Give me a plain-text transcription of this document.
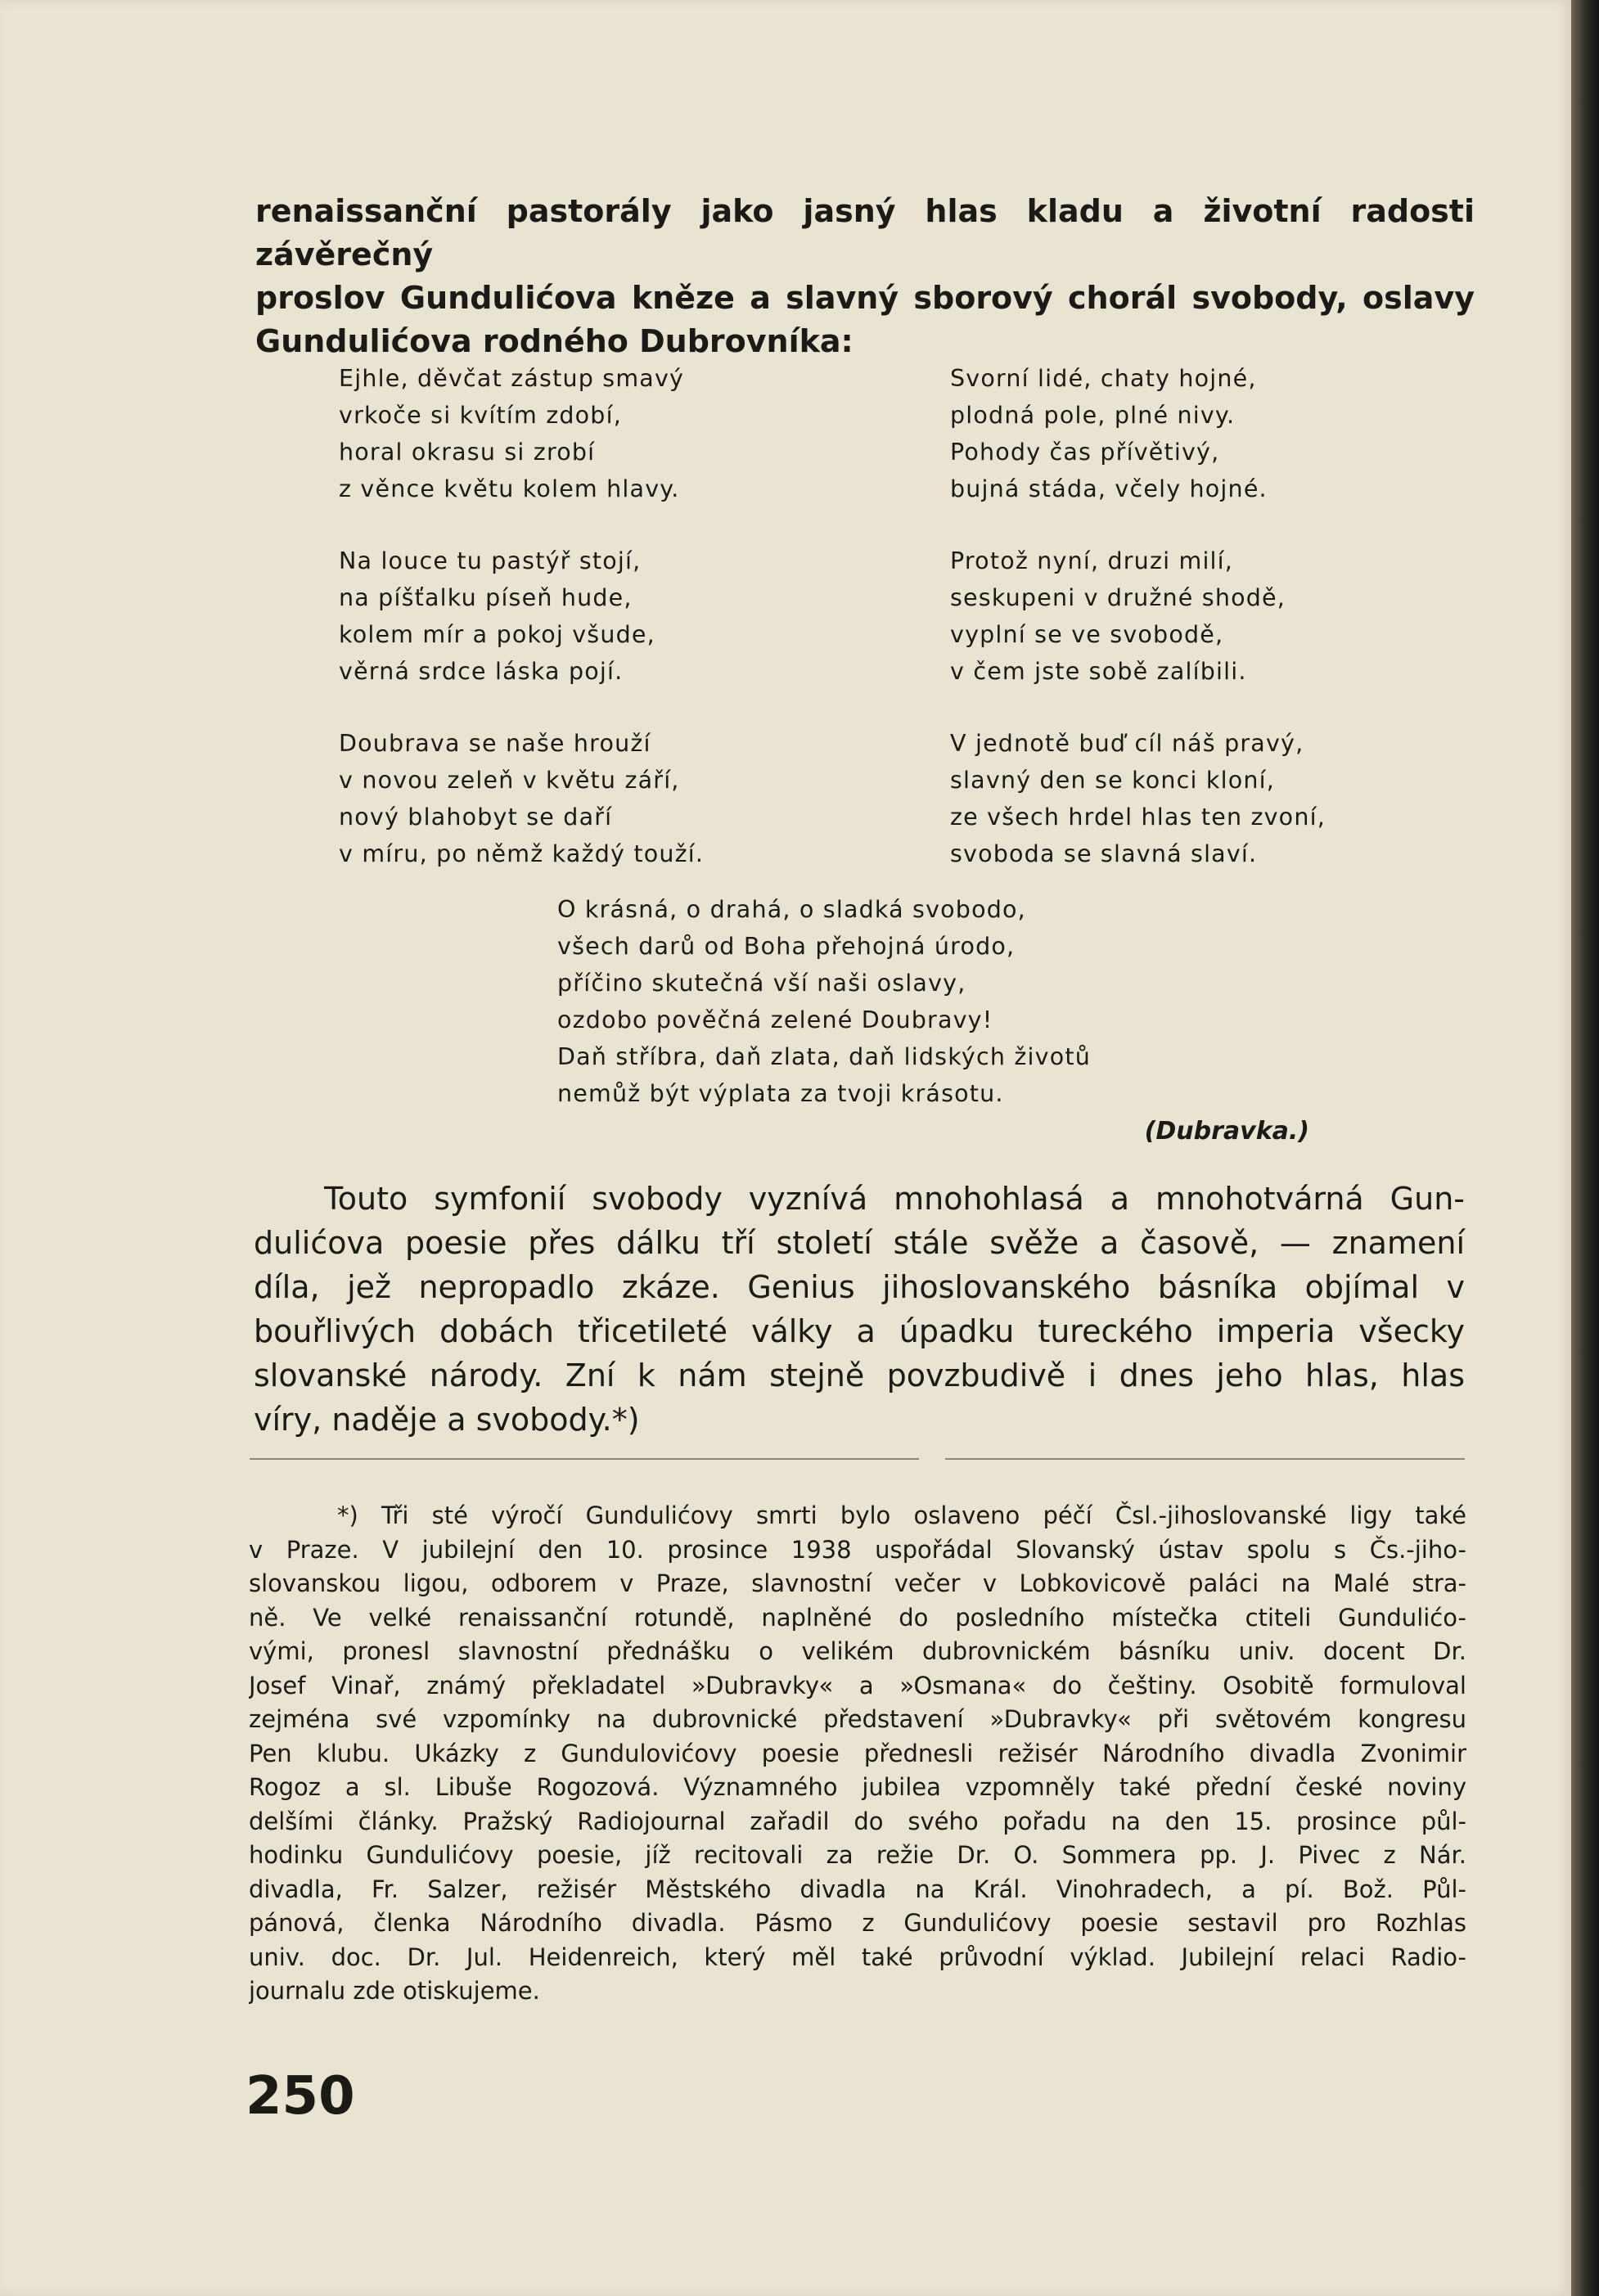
renaissanční pastorály jako jasný hlas kladu a životní radosti závěrečný
proslov Gundulićova kněze a slavný sborový chorál svobody, oslavy
Gundulićova rodného Dubrovníka:
Ejhle, děvčat zástup smavý
vrkoče si kvítím zdobí,
horal okrasu si zrobí
z věnce květu kolem hlavy.
Na louce tu pastýř stojí,
na píšťalku píseň hude,
kolem mír a pokoj všude,
věrná srdce láska pojí.
Doubrava se naše hrouží
v novou zeleň v květu září,
nový blahobyt se daří
v míru, po němž každý touží.
Svorní lidé, chaty hojné,
plodná pole, plné nivy.
Pohody čas přívětivý,
bujná stáda, včely hojné.
Protož nyní, druzi milí,
seskupeni v družné shodě,
vyplní se ve svobodě,
v čem jste sobě zalíbili.
V jednotě buď cíl náš pravý,
slavný den se konci kloní,
ze všech hrdel hlas ten zvoní,
svoboda se slavná slaví.
O krásná, o drahá, o sladká svobodo,
všech darů od Boha přehojná úrodo,
příčino skutečná vší naši oslavy,
ozdobo pověčná zelené Doubravy!
Daň stříbra, daň zlata, daň lidských životů
nemůž být výplata za tvoji krásotu.
(Dubravka.)
Touto symfonií svobody vyznívá mnohohlasá a mnohotvárná Gun-
dulićova poesie přes dálku tří století stále svěže a časově, — znamení
díla, jež nepropadlo zkáze. Genius jihoslovanského básníka objímal v
bouřlivých dobách třicetileté války a úpadku tureckého imperia všecky
slovanské národy. Zní k nám stejně povzbudivě i dnes jeho hlas, hlas
víry, naděje a svobody.*)
*) Tři sté výročí Gundulićovy smrti bylo oslaveno péčí Čsl.-jihoslovanské ligy také
v Praze. V jubilejní den 10. prosince 1938 uspořádal Slovanský ústav spolu s Čs.-jiho-
slovanskou ligou, odborem v Praze, slavnostní večer v Lobkovicově paláci na Malé stra-
ně. Ve velké renaissanční rotundě, naplněné do posledního místečka ctiteli Gundulićo-
vými, pronesl slavnostní přednášku o velikém dubrovnickém básníku univ. docent Dr.
Josef Vinař, známý překladatel »Dubravky« a »Osmana« do češtiny. Osobitě formuloval
zejména své vzpomínky na dubrovnické představení »Dubravky« při světovém kongresu
Pen klubu. Ukázky z Gundulovićovy poesie přednesli režisér Národního divadla Zvonimir
Rogoz a sl. Libuše Rogozová. Významného jubilea vzpomněly také přední české noviny
delšími články. Pražský Radiojournal zařadil do svého pořadu na den 15. prosince půl-
hodinku Gundulićovy poesie, jíž recitovali za režie Dr. O. Sommera pp. J. Pivec z Nár.
divadla, Fr. Salzer, režisér Městského divadla na Král. Vinohradech, a pí. Bož. Půl-
pánová, členka Národního divadla. Pásmo z Gundulićovy poesie sestavil pro Rozhlas
univ. doc. Dr. Jul. Heidenreich, který měl také průvodní výklad. Jubilejní relaci Radio-
journalu zde otiskujeme.
250
